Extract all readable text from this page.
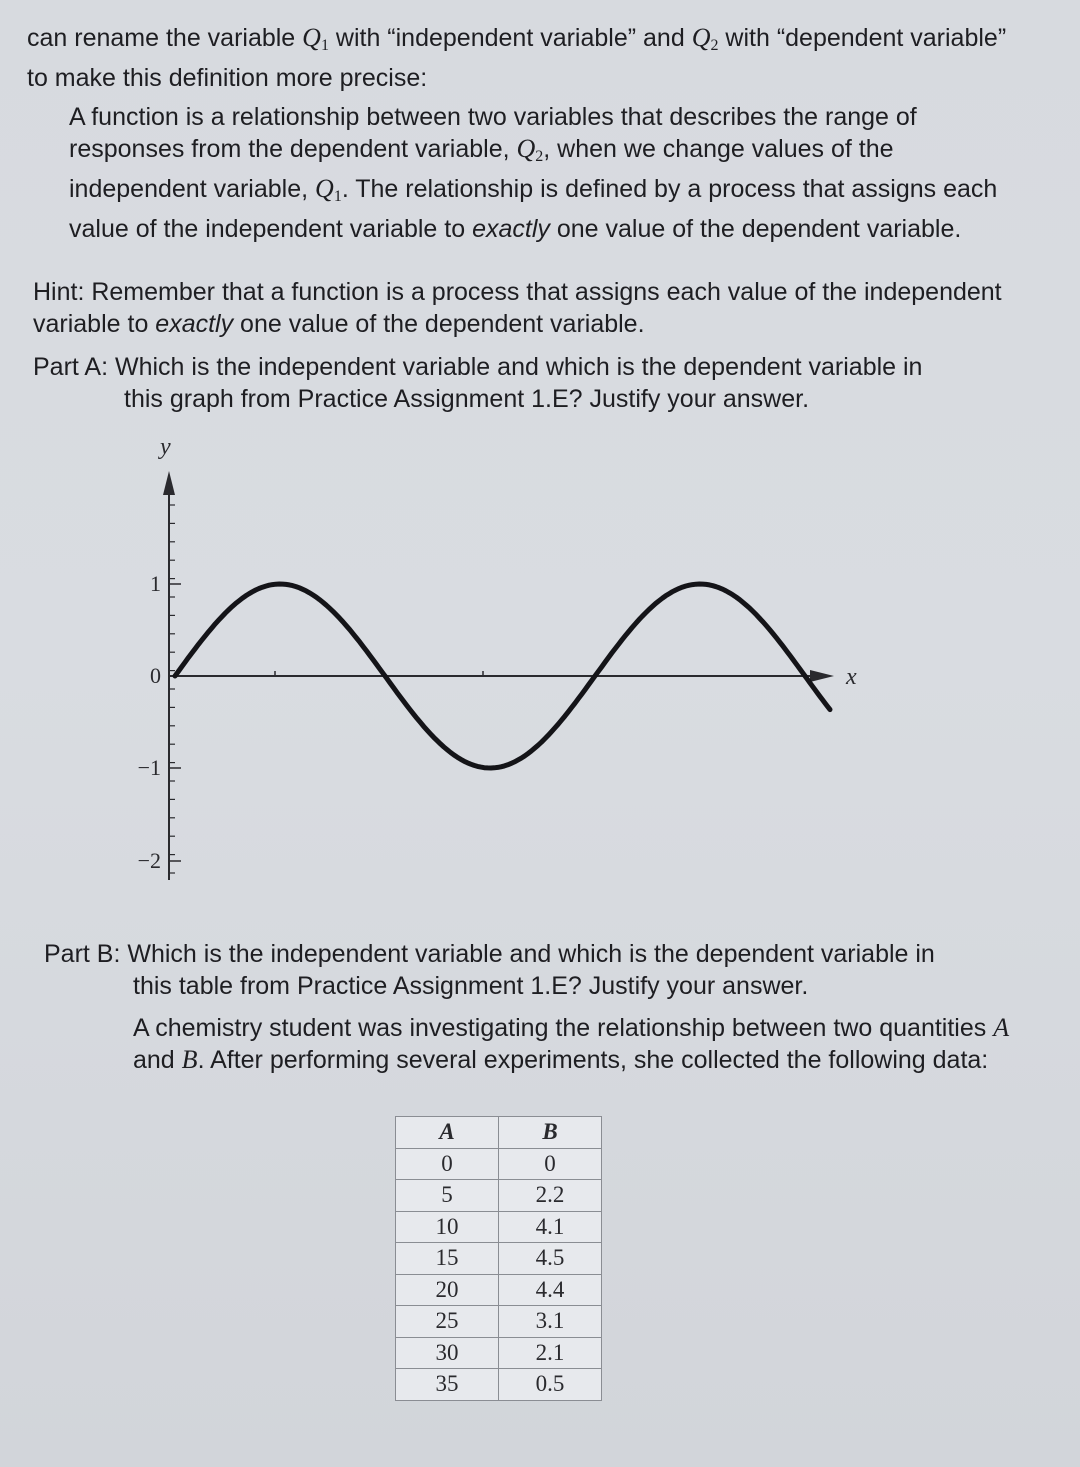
can rename the variable $Q_1$ with “independent variable” and $Q_2$ with “dependent variable” to make this definition more precise:

A function is a relationship between two variables that describes the range of responses from the dependent variable, $Q_2$, when we change values of the independent variable, $Q_1$. The relationship is defined by a process that assigns each value of the independent variable to exactly one value of the dependent variable.

Hint: Remember that a function is a process that assigns each value of the independent variable to exactly one value of the dependent variable.

Part A: Which is the independent variable and which is the dependent variable in
this graph from Practice Assignment 1.E? Justify your answer.

y
x
1
0
−1
−2

Part B: Which is the independent variable and which is the dependent variable in
this table from Practice Assignment 1.E? Justify your answer.

A chemistry student was investigating the relationship between two quantities A and B. After performing several experiments, she collected the following data:

A	B
0	0
5	2.2
10	4.1
15	4.5
20	4.4
25	3.1
30	2.1
35	0.5
